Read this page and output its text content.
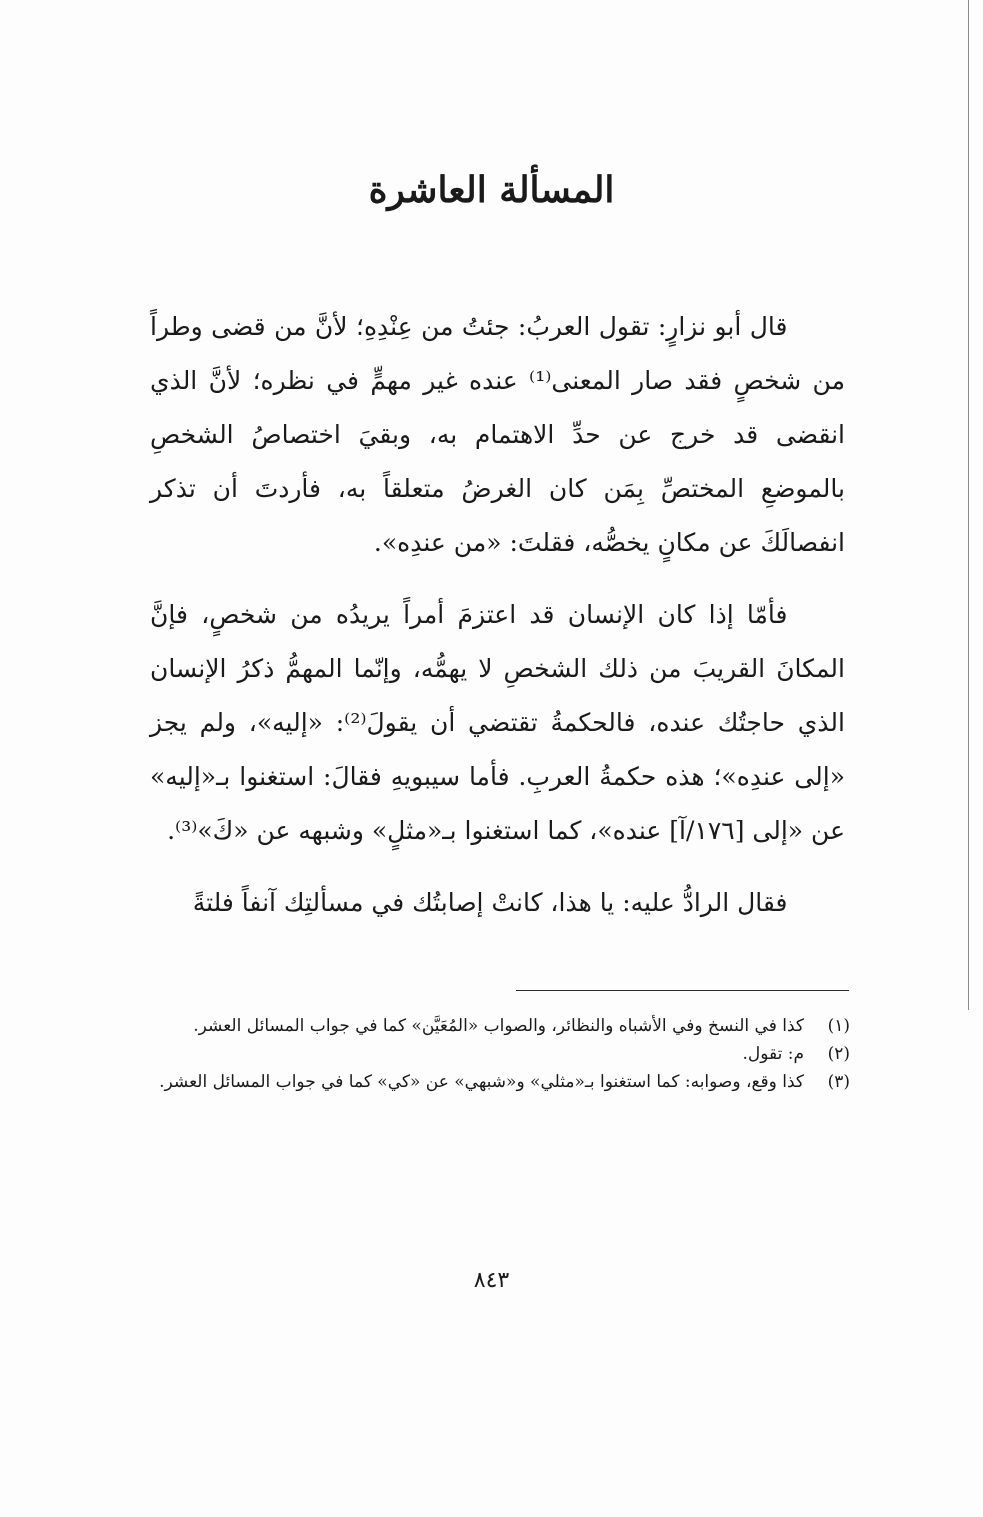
المسألة العاشرة

قال أبو نزارٍ: تقول العربُ: جئتُ من عِنْدِهِ؛ لأنَّ من قضى وطراً من شخصٍ فقد صار المعنى⁽¹⁾ عنده غير مهمٍّ في نظره؛ لأنَّ الذي انقضى قد خرج عن حدِّ الاهتمام به، وبقيَ اختصاصُ الشخصِ بالموضعِ المختصِّ بِمَن كان الغرضُ متعلقاً به، فأردتَ أن تذكر انفصالَكَ عن مكانٍ يخصُّه، فقلتَ: «من عندِه».

فأمّا إذا كان الإنسان قد اعتزمَ أمراً يريدُه من شخصٍ، فإنَّ المكانَ القريبَ من ذلك الشخصِ لا يهمُّه، وإنّما المهمُّ ذكرُ الإنسان الذي حاجتُك عنده، فالحكمةُ تقتضي أن يقولَ⁽²⁾: «إليه»، ولم يجز «إلى عندِه»؛ هذه حكمةُ العربِ. فأما سيبويهِ فقالَ: استغنوا بـ«إليه» عن «إلى [١٧٦/آ] عنده»، كما استغنوا بـ«مثلٍ» وشبهه عن «كَ»⁽³⁾.

فقال الرادُّ عليه: يا هذا، كانتْ إصابتُك في مسألتِك آنفاً فلتةً

(١)
كذا في النسخ وفي الأشباه والنظائر، والصواب «المُعَيَّن» كما في جواب المسائل العشر.
(٢)
م: تقول.
(٣)
كذا وقع، وصوابه: كما استغنوا بـ«مثلي» و«شبهي» عن «كي» كما في جواب المسائل العشر.
٨٤٣
